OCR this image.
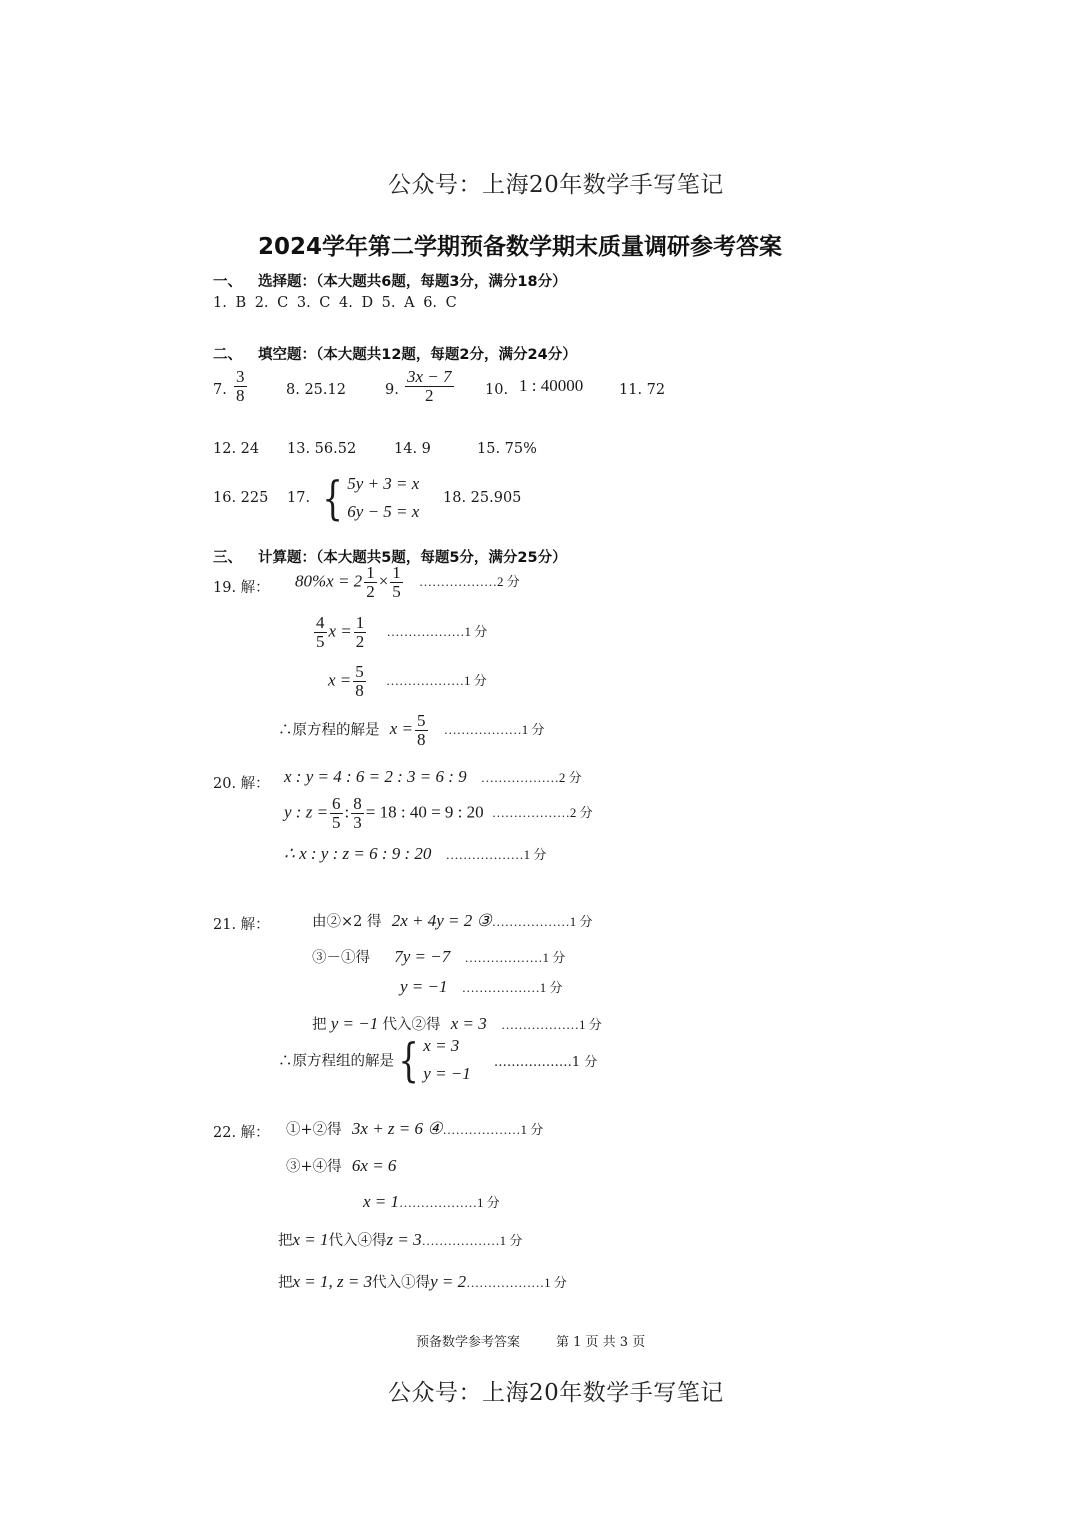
公众号：上海20年数学手写笔记
2024学年第二学期预备数学期末质量调研参考答案
一、 选择题：（本大题共6题，每题3分，满分18分）
1. B 2. C 3. C 4. D 5. A 6. C
二、 填空题：（本大题共12题，每题2分，满分24分）
7. $\frac{3}{8}$	8. 25.12	9. $\frac{3x - 7}{2} 10$. 1 : 40000 11. 72
12. 24 13. 56.52	14. 9	15. 75%
16. 225 17. { 5y + 3 = x
6y − 5 = x
18. 25.905
三、 计算题：（本大题共5题，每题5分，满分25分）
19. 解： $80\%x = 2 \frac{1}{2} \times \frac{1}{5}$ ………………2 分
$\frac{4}{5}$ $x = \frac{1}{2}$ ………………1 分
$x = \frac{5}{8}$ ………………1 分
∴原方程的解是 $x = \frac{5}{8}$ ………………1 分
20. 解： x : y = 4 : 6 = 2 : 3 = 6 : 9 ………………2 分
y : $z = \frac{6}{5}$ : $\frac{8}{3} = 18$ : 40 = 9 : 20 ………………2 分
∴ x : y : z = 6 : 9 : 20 ………………1 分
21. 解：	由②×2 得 2x + 4y = 2 ③………………1 分
③－①得 7y = −7 ………………1 分
y = −1 ………………1 分
把 y = −1 代入②得 x = 3 ………………1 分
∴原方程组的解是{ x = 3
y = −1
………………1 分
22. 解： ①+②得 3x + z = 6 ④………………1 分
③+④得 6x = 6
x = 1………………1 分
把x = 1代入④得z = 3………………1 分
把x = 1, z = 3代入①得y = 2………………1 分
预备数学参考答案	第 1 页 共 3 页
公众号：上海20年数学手写笔记
